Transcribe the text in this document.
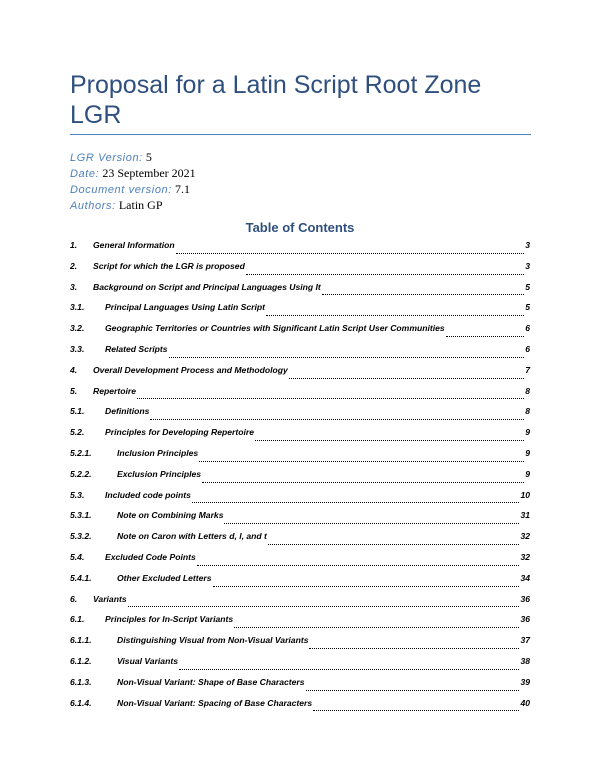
Proposal for a Latin Script Root Zone LGR
LGR Version: 5
Date: 23 September 2021
Document version: 7.1
Authors: Latin GP
Table of Contents
1.	General Information	3
2.	Script for which the LGR is proposed	3
3.	Background on Script and Principal Languages Using It	5
3.1.	Principal Languages Using Latin Script	5
3.2.	Geographic Territories or Countries with Significant Latin Script User Communities	6
3.3.	Related Scripts	6
4.	Overall Development Process and Methodology	7
5.	Repertoire	8
5.1.	Definitions	8
5.2.	Principles for Developing Repertoire	9
5.2.1.	Inclusion Principles	9
5.2.2.	Exclusion Principles	9
5.3.	Included code points	10
5.3.1.	Note on Combining Marks	31
5.3.2.	Note on Caron with Letters d, l, and t	32
5.4.	Excluded Code Points	32
5.4.1.	Other Excluded Letters	34
6.	Variants	36
6.1.	Principles for In-Script Variants	36
6.1.1.	Distinguishing Visual from Non-Visual Variants	37
6.1.2.	Visual Variants	38
6.1.3.	Non-Visual Variant: Shape of Base Characters	39
6.1.4.	Non-Visual Variant: Spacing of Base Characters	40
